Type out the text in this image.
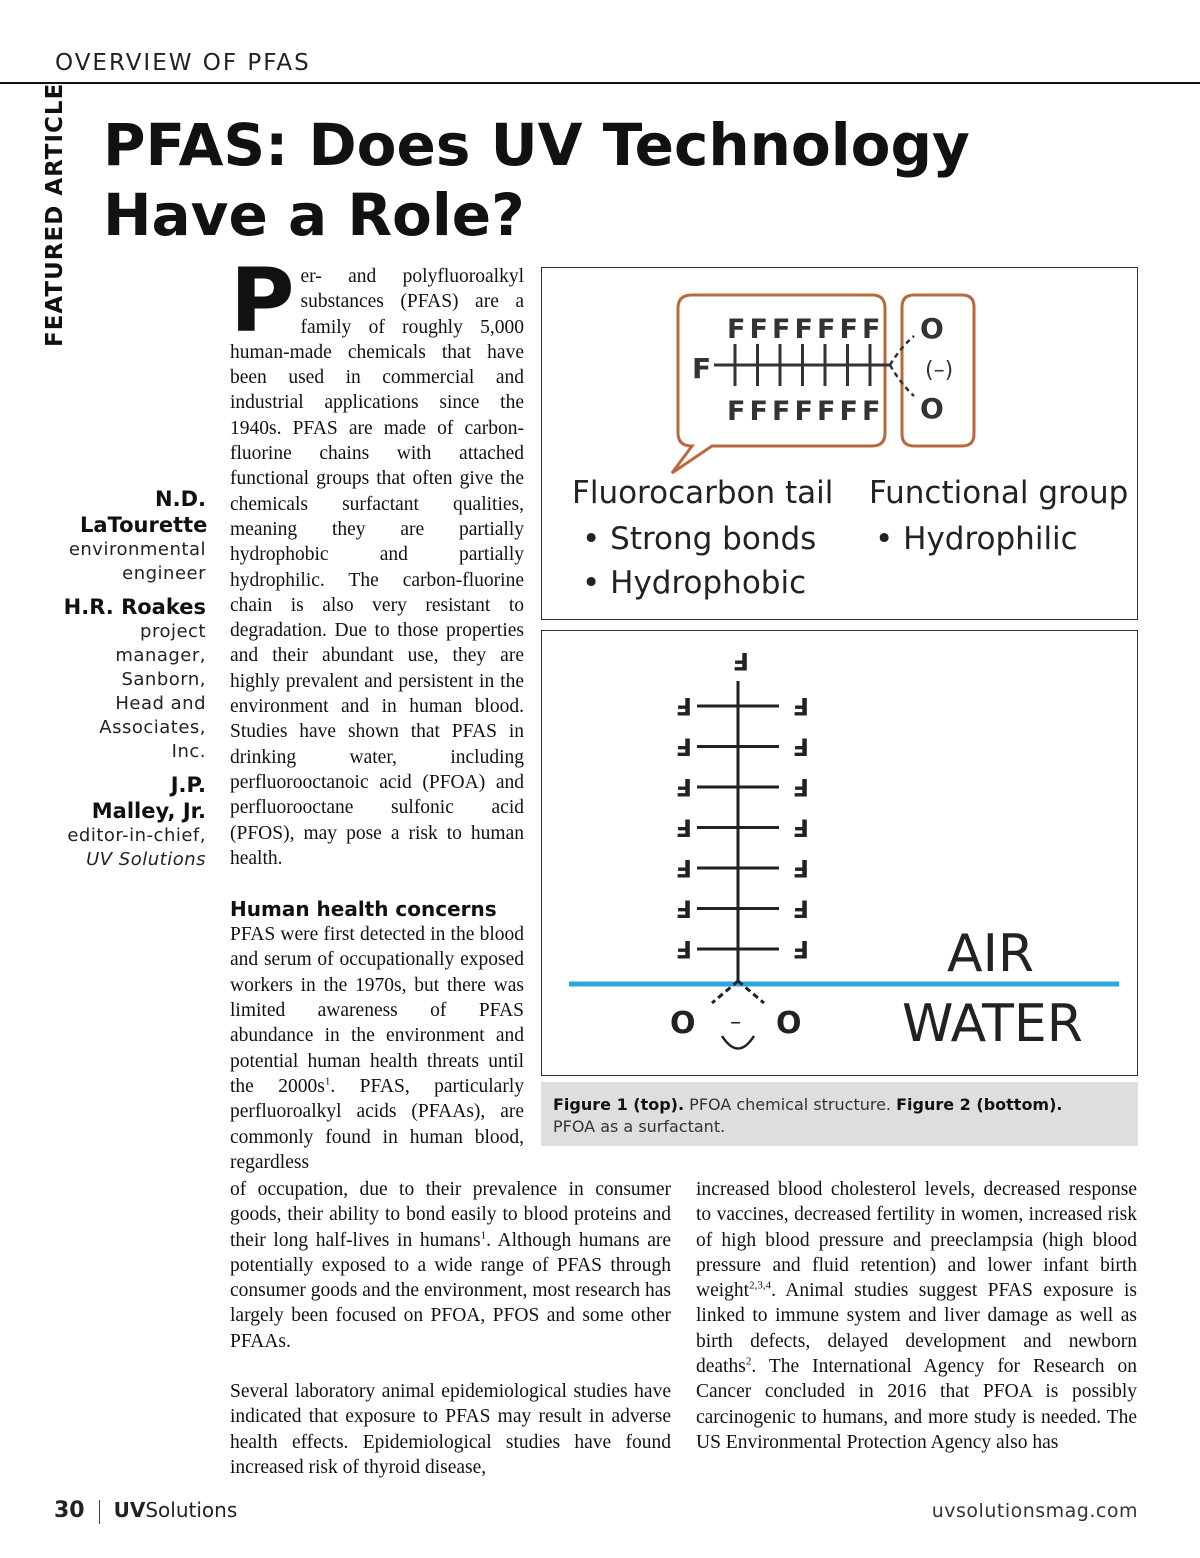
OVERVIEW OF PFAS
FEATURED ARTICLE PFAS: Does UV Technology
Have a Role?

N.D. LaTourette

environmental engineer

H.R. Roakes

project manager, Sanborn, Head and Associates, Inc.

J.P. Malley, Jr.

editor-in-chief,
UV Solutions

Per- and polyfluoroalkyl substances (PFAS) are a family of roughly 5,000 human-made chemicals that have been used in commercial and industrial applications since the 1940s. PFAS are made of carbon-fluorine chains with attached functional groups that often give the chemicals surfactant qualities, meaning they are partially hydrophobic and partially hydrophilic. The carbon-fluorine chain is also very resistant to degradation. Due to those properties and their abundant use, they are highly prevalent and persistent in the environment and in human blood. Studies have shown that PFAS in drinking water, including perfluorooctanoic acid (PFOA) and perfluorooctane sulfonic acid (PFOS), may pose a risk to human health.

Human health concerns

PFAS were first detected in the blood and serum of occupationally exposed workers in the 1970s, but there was limited awareness of PFAS abundance in the environment and potential human health threats until the $2000s^1$. PFAS, particularly perfluoroalkyl acids (PFAAs), are commonly found in human blood, regardless

of occupation, due to their prevalence in consumer goods, their ability to bond easily to blood proteins and their long half-lives in humans$^1$. Although humans are potentially exposed to a wide range of PFAS through consumer goods and the environment, most research has largely been focused on PFOA, PFOS and some other PFAAs.

Several laboratory animal epidemiological studies have indicated that exposure to PFAS may result in adverse health effects. Epidemiological studies have found increased risk of thyroid disease,

increased blood cholesterol levels, decreased response to vaccines, decreased fertility in women, increased risk of high blood pressure and preeclampsia (high blood pressure and fluid retention) and lower infant birth weight$^{2,3,4}$. Animal studies suggest PFAS exposure is linked to immune system and liver damage as well as birth defects, delayed development and newborn deaths$^2$. The International Agency for Research on Cancer concluded in 2016 that PFOA is possibly carcinogenic to humans, and more study is needed. The US Environmental Protection Agency also has

F
F
F
F
F
F
F
F
F
F
F
F
F
F
F
O
O
(–)
Fluorocarbon tail
• Strong bonds
• Hydrophobic
Functional group
• Hydrophilic
F
F	F
F	F
F	F
F	F
F	F
F	F
F	F	AIR
WATER
O	O
–
Figure 1 (top). PFOA chemical structure. Figure 2 (bottom).
PFOA as a surfactant.
30 UVSolutions	uvsolutionsmag.com
